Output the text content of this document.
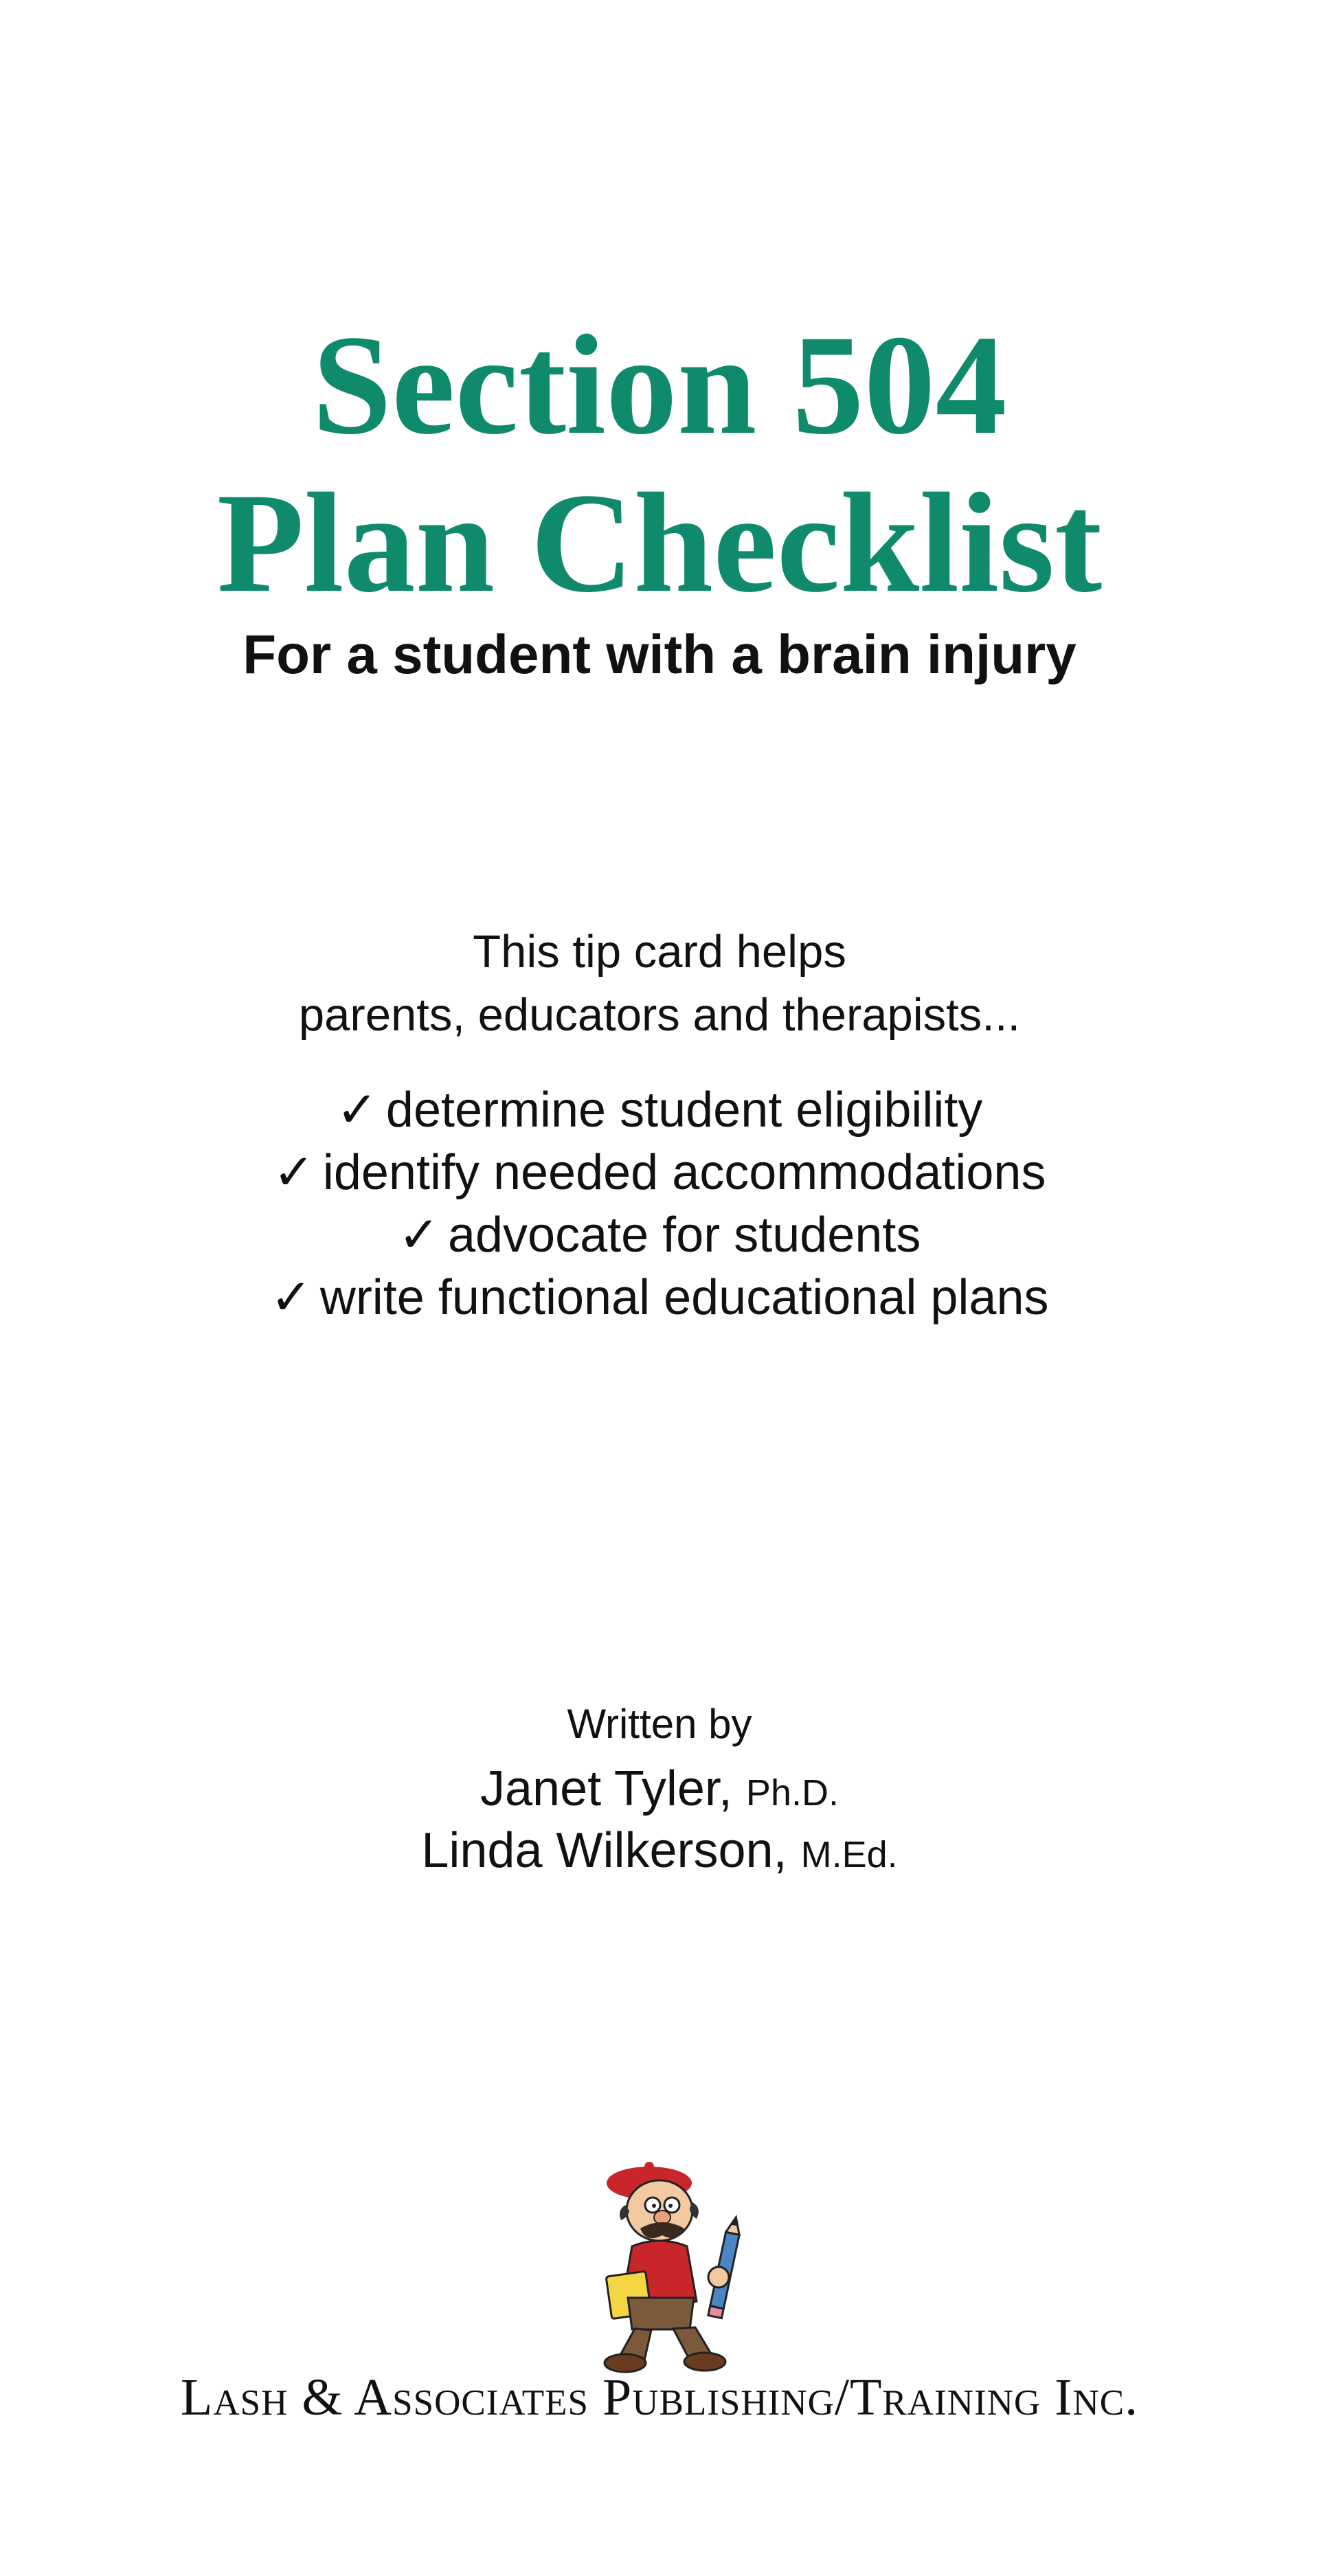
Section 504
Plan Checklist
For a student with a brain injury
This tip card helps
parents, educators and therapists...
✓ determine student eligibility
✓ identify needed accommodations
✓ advocate for students
✓ write functional educational plans
Written by
Janet Tyler, Ph.D.
Linda Wilkerson, M.Ed.
Lash & Associates Publishing/Training Inc.
